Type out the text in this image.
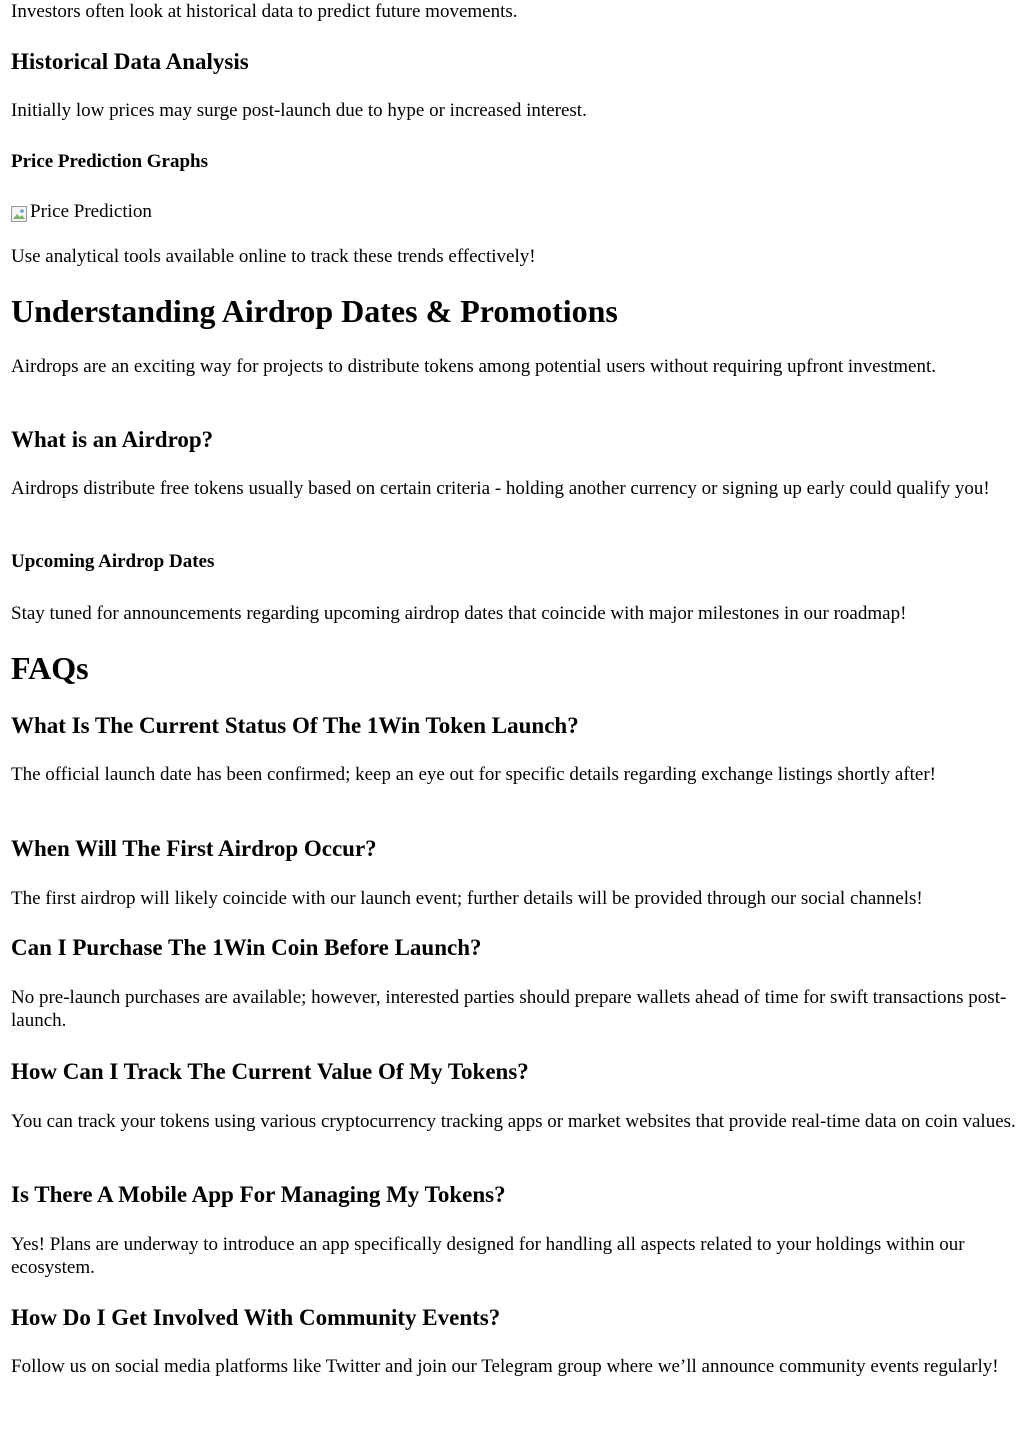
Investors often look at historical data to predict future movements.

Historical Data Analysis

Initially low prices may surge post-launch due to hype or increased interest.

Price Prediction Graphs
Price Prediction

Use analytical tools available online to track these trends effectively!

Understanding Airdrop Dates & Promotions

Airdrops are an exciting way for projects to distribute tokens among potential users without requiring upfront investment.

What is an Airdrop?

Airdrops distribute free tokens usually based on certain criteria - holding another currency or signing up early could qualify you!

Upcoming Airdrop Dates

Stay tuned for announcements regarding upcoming airdrop dates that coincide with major milestones in our roadmap!

FAQs
What Is The Current Status Of The 1Win Token Launch?

The official launch date has been confirmed; keep an eye out for specific details regarding exchange listings shortly after!

When Will The First Airdrop Occur?

The first airdrop will likely coincide with our launch event; further details will be provided through our social channels!

Can I Purchase The 1Win Coin Before Launch?

No pre-launch purchases are available; however, interested parties should prepare wallets ahead of time for swift transactions post-launch.

How Can I Track The Current Value Of My Tokens?

You can track your tokens using various cryptocurrency tracking apps or market websites that provide real-time data on coin values.

Is There A Mobile App For Managing My Tokens?

Yes! Plans are underway to introduce an app specifically designed for handling all aspects related to your holdings within our ecosystem.

How Do I Get Involved With Community Events?

Follow us on social media platforms like Twitter and join our Telegram group where we’ll announce community events regularly!
